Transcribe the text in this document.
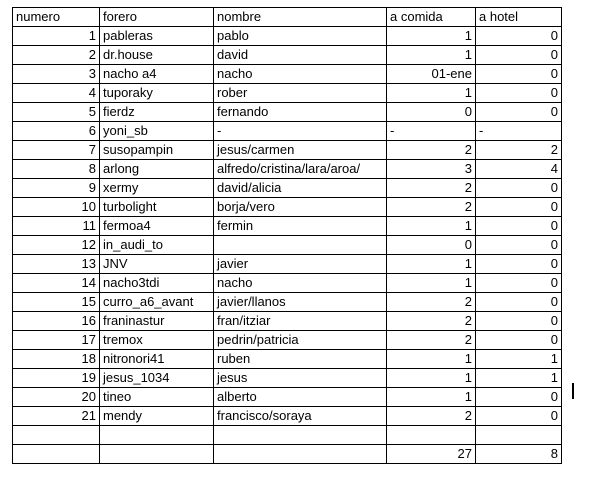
numero	forero	nombre	a comida	a hotel
1	pableras	pablo	1	0
2	dr.house	david	1	0
3	nacho a4	nacho	01-ene	0
4	tuporaky	rober	1	0
5	fierdz	fernando	0	0
6	yoni_sb	-	-	-
7	susopampin	jesus/carmen	2	2
8	arlong	alfredo/cristina/lara/aroa/	3	4
9	xermy	david/alicia	2	0
10	turbolight	borja/vero	2	0
11	fermoa4	fermin	1	0
12	in_audi_to		0	0
13	JNV	javier	1	0
14	nacho3tdi	nacho	1	0
15	curro_a6_avant	javier/llanos	2	0
16	franinastur	fran/itziar	2	0
17	tremox	pedrin/patricia	2	0
18	nitronori41	ruben	1	1
19	jesus_1034	jesus	1	1
20	tineo	alberto	1	0
21	mendy	francisco/soraya	2	0

			27	8
